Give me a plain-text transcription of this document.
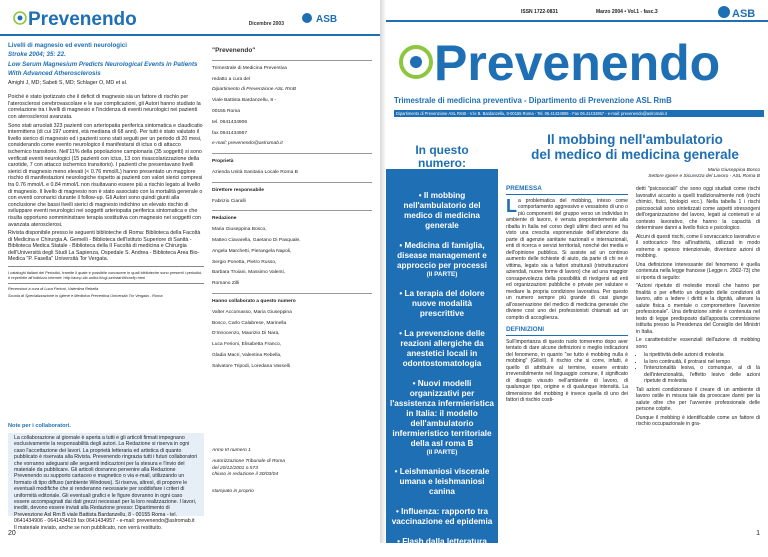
Prevenendo	Dicembre 2003	ASB

Livelli di magnesio ed eventi neurologici

Stroke 2004; 35: 22.

Low Serum Magnesium Predicts Neurological Events in Patients

With Advanced Atherosclerosis

Amighi J, MD; Sabeti S, MD; Schlager O, MD et al.

Poiché è stato ipotizzato che il deficit di magnesio sia un fattore di rischio per l'aterosclerosi cerebrovascolare e le sue complicazioni, gli Autori hanno studiato la correlazione tra i livelli di magnesio e l'incidenza di eventi neurologici nei pazienti con aterosclerosi avanzata.

Sono stati arruolati 323 pazienti con arteriopatia periferica sintomatica e claudicatio intermittens (di cui 197 uomini, età mediana di 68 anni). Per tutti è stato valutato il livello sierico di magnesio ed i pazienti sono stati seguiti per un periodo di 20 mesi, considerando come evento neurologico il manifestarsi di ictus o di attacco ischemico transitorio. Nell'11% della popolazione campionaria (35 soggetti) si sono verificati eventi neurologici (15 pazienti con ictus, 13 con rivascolarizzazione della carotide, 7 con attacco ischemico transitorio). I pazienti che presentavano livelli sierici di magnesio meno elevati (< 0.76 mmol/L) hanno presentato un maggiore rischio di manifestazioni neurologiche rispetto ai pazienti con valori sierici compresi tra 0.76 mmol/L e 0.84 mmol/L non risultavano essere più a rischio legato al livello di magnesio. Il livello di magnesio non è stato associato con la mortalità generale o con eventi coronarici durante il follow-up. Gli Autori sono quindi giunti alla conclusione che bassi livelli sierici di magnesio indichino un elevato rischio di sviluppare eventi neurologici nei soggetti arteriopatia periferica sintomatica e che risulta opportuno sommininstrare terapia sostitutiva con magnesio nei soggetti con avanzata aterosclerosi.

Rivista disponibile presso le seguenti biblioteche di Roma: Biblioteca della Facoltà di Medicina e Chirurgia A. Gemelli - Biblioteca dell'Istituto Superiore di Sanità - Biblioteca Medica Statale - Biblioteca della II Facoltà di medicina e Chirurgia dell'Università degli Studi La Sapienza, Ospedale S. Andrea - Biblioteca Area Bio-Medica "P. Fasella" Università Tor Vergata.

I cataloghi italiani dei Periodici, tramite il quale è possibile conoscere in quali biblioteche sono presenti i periodici, è reperibile all'indirizzo internet: http://acnp.cib.unibo.it/cgi-ser/start/it/cnr/fp.html

Recensioni a cura di Luca Ferioni, Valentina Rebella

Scuola di Specializzazione in Igiene e Medicina Preventiva Università Tor Vergata - Roma

"Prevenendo"
Trimestrale di Medicina Preventiva
redatto a cura del
Dipartimento di Prevenzione ASL RmB
Viale Battista Bardanzellu, 8 -
00155 Roma
tel. 0641434906
fax 0641434957
e-mail: prevenendo@aslromab.it
Proprietà
Azienda Unità Sanitaria Locale Roma B
Direttore responsabile
Fabrizio Ciaralli
Redazione
Maria Giuseppina Bosco,
Matteo Ciavarella, Gaetano Di Pasquale,
Angela Marchetti, Pierangela Napoli,
Sergio Ponetta, Pietro Russo,
Barbara Troiani, Massimo Valenti,
Romano Zilli
Hanno collaborato a questo numero
Valter Accomasso, Maria Giuseppina
Bosco, Carlo Calabrese, Marinella
D'Innocenzo, Maurizio Di Nara,
Luca Ferioni, Elisabetta Franco,
Gladia Macri, Valentina Rebella,
Salvatore Tripodi, Loredana Vasselli
Note per i collaboratori.
La collaborazione al giornale è aperta a tutti e gli articoli firmati impegnano esclusivamente la responsabilità degli autori. La Redazione si riserva in ogni caso l'accettazione dei lavori. La proprietà letteraria ed artistica di quanto pubblicato è riservata alla Rivista. Prevenendo ringrazia tutti i futuri collaboratori che vorranno adeguarsi alle seguenti indicazioni per la stesura e l'invio del materiale da pubblicare. Gli articoli dovranno pervenire alla Redazione Prevenendo su supporto cartaceo e magnetico o via e-mail, utilizzando un formato di tipo diffuso (ambiente Windows). Si riserva, altresì, di proporre le eventuali modifiche che si renderanno necessarie per soddisfare i criteri di uniformità editoriale. Gli eventuali grafici e le figure dovranno in ogni caso essere accompagnati dai dati grezzi necessari per la loro realizzazione. I lavori, inediti, devono essere inviati alla Redazione presso: Dipartimento di Prevenzione Asl Rm B viale Battista Bardanzellu, 8 - 00155 Roma - tel. 0641434906 - 0641434619 fax 0641434957 - e-mail: prevenendo@aslromab.it Il materiale inviato, anche se non pubblicato, non verrà restituito.
Anno III numero 1
Autorizzazione Tribunale di Roma
del 20/12/2001 n.573
chiuso in redazione il 30/03/04
stampato in proprio
20
ISSN 1722-0831	Marzo 2004 • Vol.1 - fasc.3	ASB
Prevenendo
Trimestrale di medicina preventiva - Dipartimento di Prevenzione ASL RmB
Dipartimento di Prevenzione ASL RmB - V.le B. Bardanzellu, 8-00155 Roma - Tel. 06.41434906 - Fax 06.41434957 - e-mail: prevenendo@aslromab.it
In questo
numero:
• Il mobbing nell'ambulatorio del medico di medicina generale
• Medicina di famiglia, disease management e approccio per processi
(II PARTE)
• La terapia del dolore nuove modalità prescrittive
• La prevenzione delle reazioni allergiche da anestetici locali in odontostomatologia
• Nuovi modelli organizzativi per l'assistenza infermieristica in Italia: il modello dell'ambulatorio infermieristico territoriale della asl roma B
(II PARTE)
• Leishmaniosi viscerale umana e leishmaniosi canina
• Influenza: rapporto tra vaccinazione ed epidemia
• Flash dalla letteratura internazionale
Il mobbing nell'ambulatorio
del medico di medicina generale
Maria Giuseppina Bosco
Settore Igiene e Sicurezza del Lavoro - ASL Roma B
PREMESSA

La problematica del mobbing, inteso come comportamento aggressivo e vessatorio di uno o più componenti del gruppo verso un individuo in ambiente di lavoro, è venuta prepotentemente alla ribalta in Italia nel corso degli ultimi dieci anni ed ha visto una crescita esponenziale dell'attenzione da parte di agenzie sanitarie nazionali e internazionali, enti di ricerca e servizi territoriali, nonché dei media e dell'opinione pubblica. Si assiste ad un continuo aumento delle richieste di aiuto, da parte di chi ne è vittima, legato sia a fattori strutturali (ristrutturazioni aziendali, nuove forme di lavoro) che ad una maggior consapevolezza della possibilità di rivolgersi ad enti ed organizzazioni pubbliche o private per valutare e mediare la propria condizione lavorativa. Per questo un numero sempre più grande di casi giunge all'osservazione del medico di medicina generale che diviene così uno dei professionisti chiamati ad un compito di accoglienza.

DEFINIZIONI

Sull'importanza di questo ruolo torneremo dopo aver tentato di dare alcune definizioni o meglio indicazioni del fenomeno, in quanto "se tutto è mobbing nulla è mobbing" (Gilioli). Il rischio che si corre, infatti, è quello di attribuire al termine, essere entrato irreversibilmente nel linguaggio comune, il significato di disagio vissuto nell'ambiente di lavoro, di qualunque tipo, origine e di qualunque intensità. La dimensione del mobbing è invece quella di uno dei fattori di rischio costi-

detti "psicosociali" che sono oggi studiati come rischi lavorativi accanto a quelli tradizionalmente noti (rischi chimici, fisici, biologici ecc.). Nella tabella 1 i rischi psicosociali sono sintetizzati come aspetti stressogeni dell'organizzazione del lavoro, legati ai contenuti e al contesto lavorativo, che hanno la capacità di determinare danni a livello fisico e psicologico.

Alcuni di questi rischi, come il sovraccarico lavorativo e il sottocarico fino all'inattività, utilizzati in modo estremo e spesso intenzionale, diventano azioni di mobbing.

Una definizione interessante del fenomeno è quella contenuta nella legge francese (Legge n. 2002-73) che si riporta di seguito:

"Azioni ripetute di molestie morali che hanno per finalità o per effetto un degrado delle condizioni di lavoro, atto a ledere i diritti e la dignità, alterare la salute fisica o mentale o compromettere l'avvenire professionale". Una definizione simile è contenuta nel testo di legge predisposto dall'apposita commissione istituita presso la Presidenza del Consiglio dei Ministri in Italia.

Le caratteristiche essenziali dell'azione di mobbing sono

• la ripetitività delle azioni di molestia
• la loro continuità, il protrarsi nel tempo
• l'intenzionalità lesiva, o comunque, al di là dell'intenzionalità, l'effetto lesivo delle azioni ripetute di molestia

Tali azioni condizionano il creare di un ambiente di lavoro ostile in misura tale da provocare danni per la salute oltre che per l'avvenire professionale delle persone colpite.

Dunque il mobbing è identificabile come un fattore di rischio occupazionale in gra-

1
